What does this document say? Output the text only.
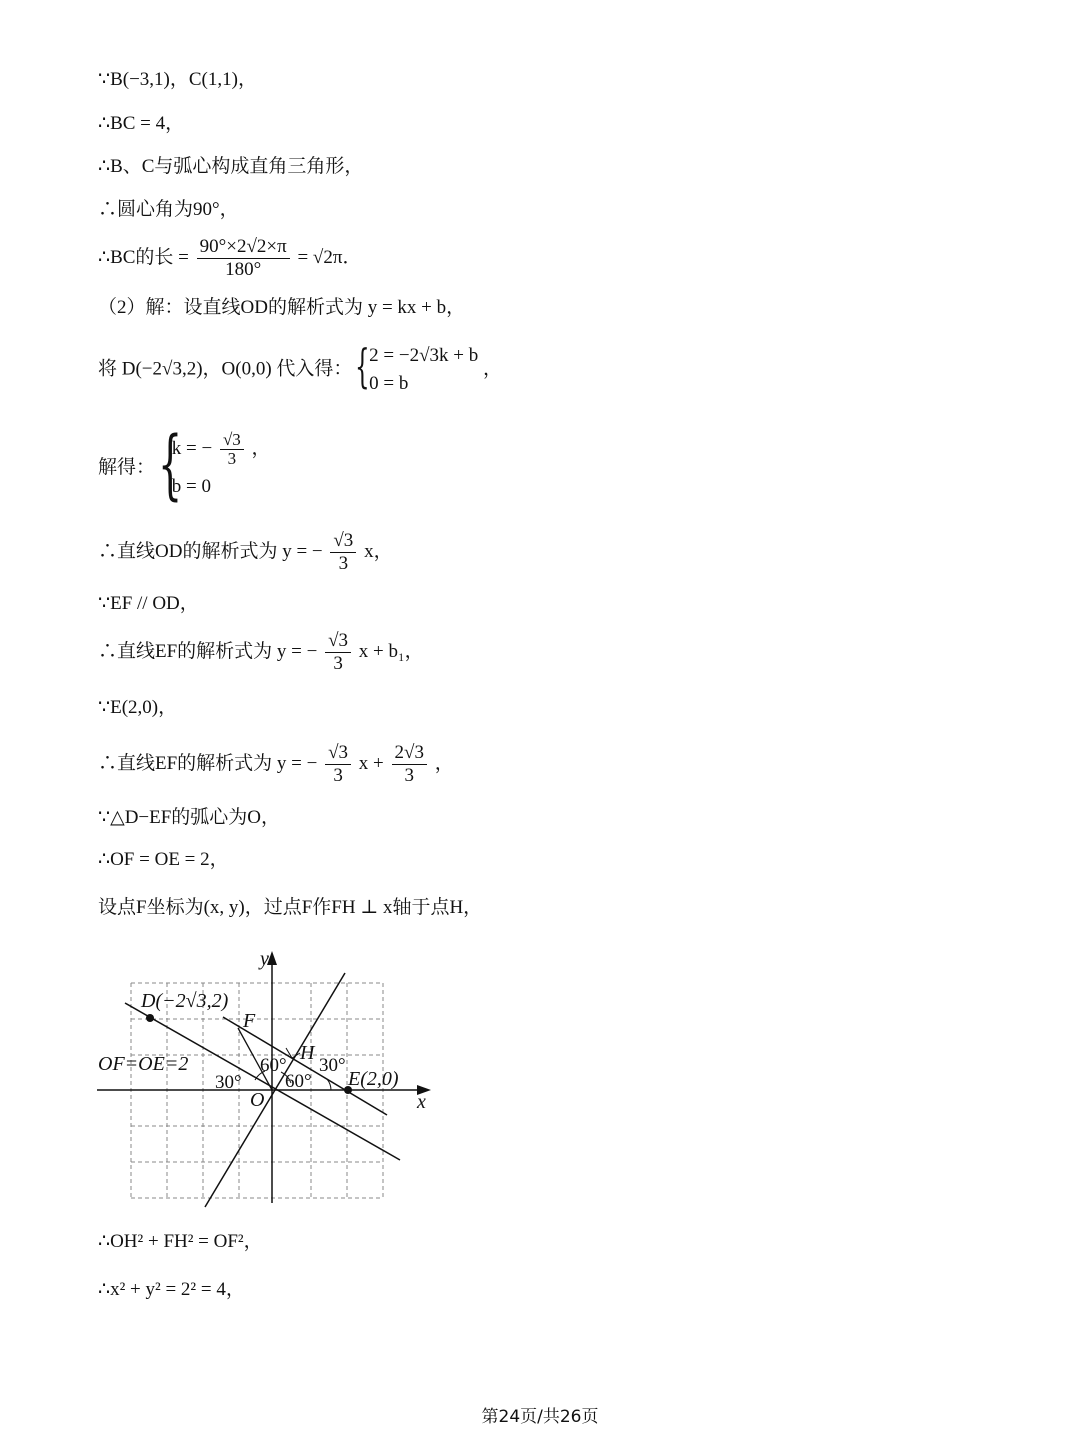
∵B(−3,1)，C(1,1)，
∴BC = 4，
∴B、C与弧心构成直角三角形，
∴圆心角为90°，
∴BC的长 = $\frac{90^\circ\times 2√2\times\pi}{180^\circ} = √2\pi$．
（2）解：设直线OD的解析式为 y = kx + b，
将 D(−2√3,2)，O(0,0) 代入得： { 2 = −2√3k + b
0 = b
，
解得： {
k = − $\frac{√3}{3}$ ，
b = 0
∴直线OD的解析式为 y = − $\frac{√3}{3}$ x，
∵EF // OD，
∴直线EF的解析式为 y = − $\frac{√3}{3}$ x + b₁，
∵E(2,0)，
∴直线EF的解析式为 y = − $\frac{√3}{3}$ $x + \frac{2√3}{3}$ ，
∵△D−EF的弧心为O，
∴OF = OE = 2，
设点F坐标为(x, y)，过点F作FH ⊥ x轴于点H，
y
x
D(−2√3,2)
F
H
O
E(2,0)
OF=OE=2	60°
60°
30°
30°
∴OH² + FH² = OF²，
∴x² + y² = 2² = 4，
第24页/共26页
